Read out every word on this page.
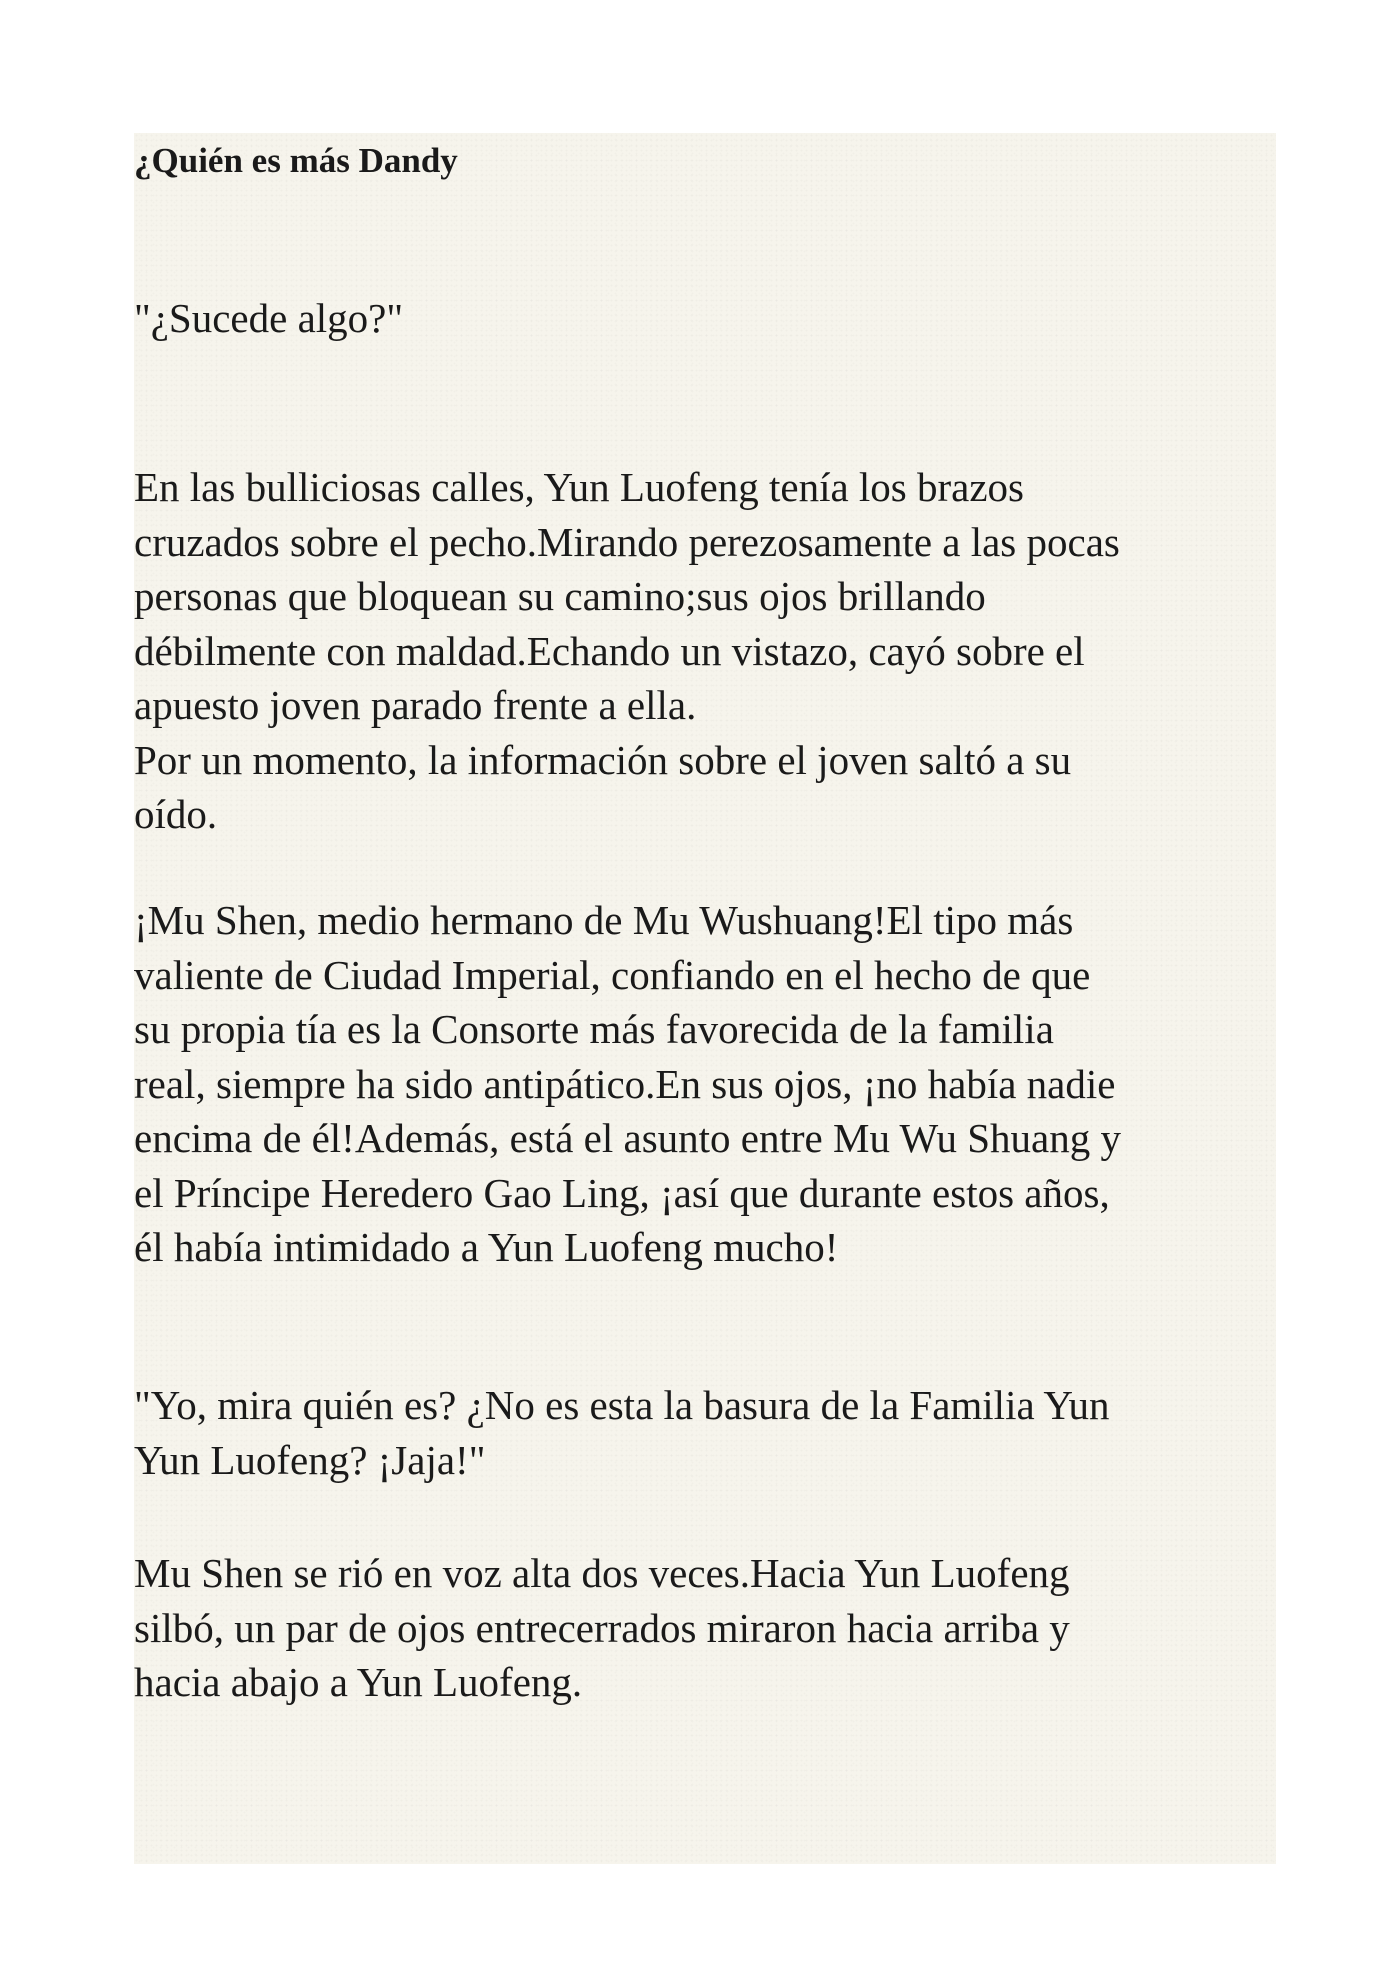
¿Quién es más Dandy
"¿Sucede algo?"
En las bulliciosas calles, Yun Luofeng tenía los brazos
cruzados sobre el pecho.Mirando perezosamente a las pocas
personas que bloquean su camino;sus ojos brillando
débilmente con maldad.Echando un vistazo, cayó sobre el
apuesto joven parado frente a ella.
Por un momento, la información sobre el joven saltó a su
oído.
¡Mu Shen, medio hermano de Mu Wushuang!El tipo más
valiente de Ciudad Imperial, confiando en el hecho de que
su propia tía es la Consorte más favorecida de la familia
real, siempre ha sido antipático.En sus ojos, ¡no había nadie
encima de él!Además, está el asunto entre Mu Wu Shuang y
el Príncipe Heredero Gao Ling, ¡así que durante estos años,
él había intimidado a Yun Luofeng mucho!
"Yo, mira quién es? ¿No es esta la basura de la Familia Yun
Yun Luofeng? ¡Jaja!"
Mu Shen se rió en voz alta dos veces.Hacia Yun Luofeng
silbó, un par de ojos entrecerrados miraron hacia arriba y
hacia abajo a Yun Luofeng.
